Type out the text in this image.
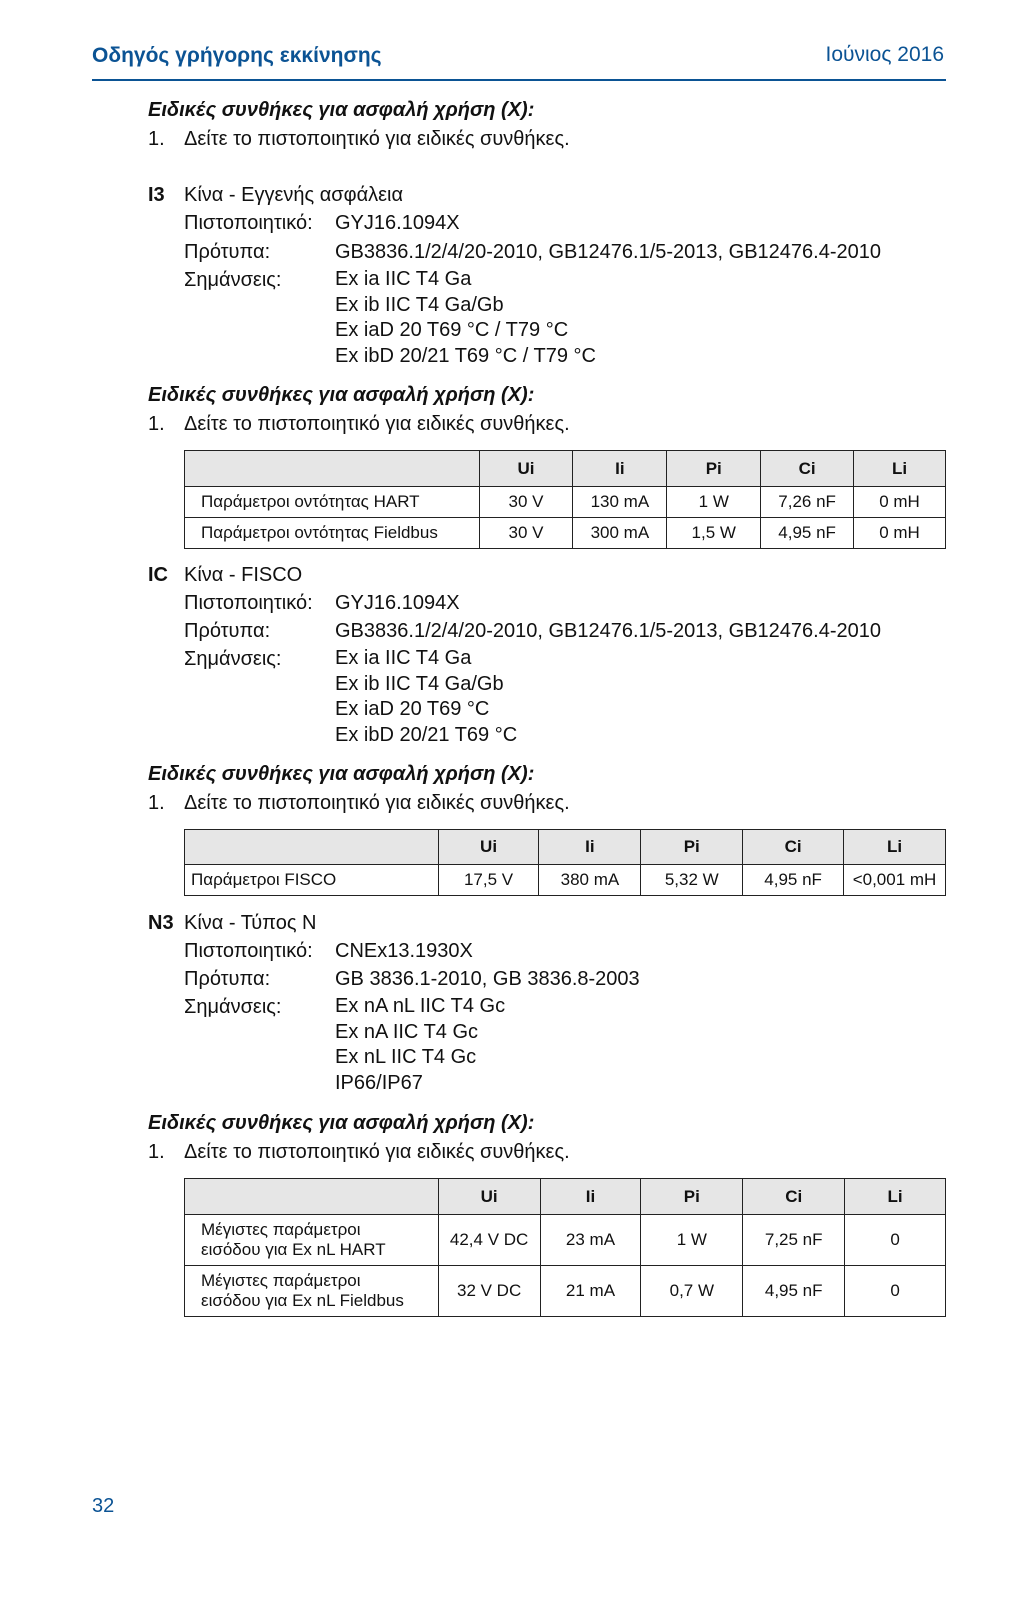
Οδηγός γρήγορης εκκίνησης	Ιούνιος 2016
Ειδικές συνθήκες για ασφαλή χρήση (X):
1. Δείτε το πιστοποιητικό για ειδικές συνθήκες.
I3 Κίνα - Εγγενής ασφάλεια
Πιστοποιητικό: GYJ16.1094X
Πρότυπα:	GB3836.1/2/4/20-2010, GB12476.1/5-2013, GB12476.4-2010
Σημάνσεις:	Ex ia IIC T4 Ga
Ex ib IIC T4 Ga/Gb
Ex iaD 20 T69 °C / T79 °C
Ex ibD 20/21 T69 °C / T79 °C
Ειδικές συνθήκες για ασφαλή χρήση (X):
1. Δείτε το πιστοποιητικό για ειδικές συνθήκες.
	Ui	Ii	Pi	Ci	Li
Παράμετροι οντότητας HART	30 V	130 mA	1 W	7,26 nF	0 mH
Παράμετροι οντότητας Fieldbus	30 V	300 mA	1,5 W	4,95 nF	0 mH
IC Κίνα - FISCO
Πιστοποιητικό: GYJ16.1094X
Πρότυπα:	GB3836.1/2/4/20-2010, GB12476.1/5-2013, GB12476.4-2010
Σημάνσεις:	Ex ia IIC T4 Ga
Ex ib IIC T4 Ga/Gb
Ex iaD 20 T69 °C
Ex ibD 20/21 T69 °C
Ειδικές συνθήκες για ασφαλή χρήση (X):
1. Δείτε το πιστοποιητικό για ειδικές συνθήκες.
	Ui	Ii	Pi	Ci	Li
Παράμετροι FISCO	17,5 V	380 mA	5,32 W	4,95 nF	<0,001 mH
N3 Κίνα - Τύπος N
Πιστοποιητικό: CNEx13.1930X
Πρότυπα:	GB 3836.1-2010, GB 3836.8-2003
Σημάνσεις:	Ex nA nL IIC T4 Gc
Ex nA IIC T4 Gc
Ex nL IIC T4 Gc
IP66/IP67
Ειδικές συνθήκες για ασφαλή χρήση (X):
1. Δείτε το πιστοποιητικό για ειδικές συνθήκες.
	Ui	Ii	Pi	Ci	Li

Μέγιστες παράμετροι
εισόδου για Ex nL HART	42,4 V DC	23 mA	1 W	7,25 nF	0

Μέγιστες παράμετροι
εισόδου για Ex nL Fieldbus	32 V DC	21 mA	0,7 W	4,95 nF	0
32
